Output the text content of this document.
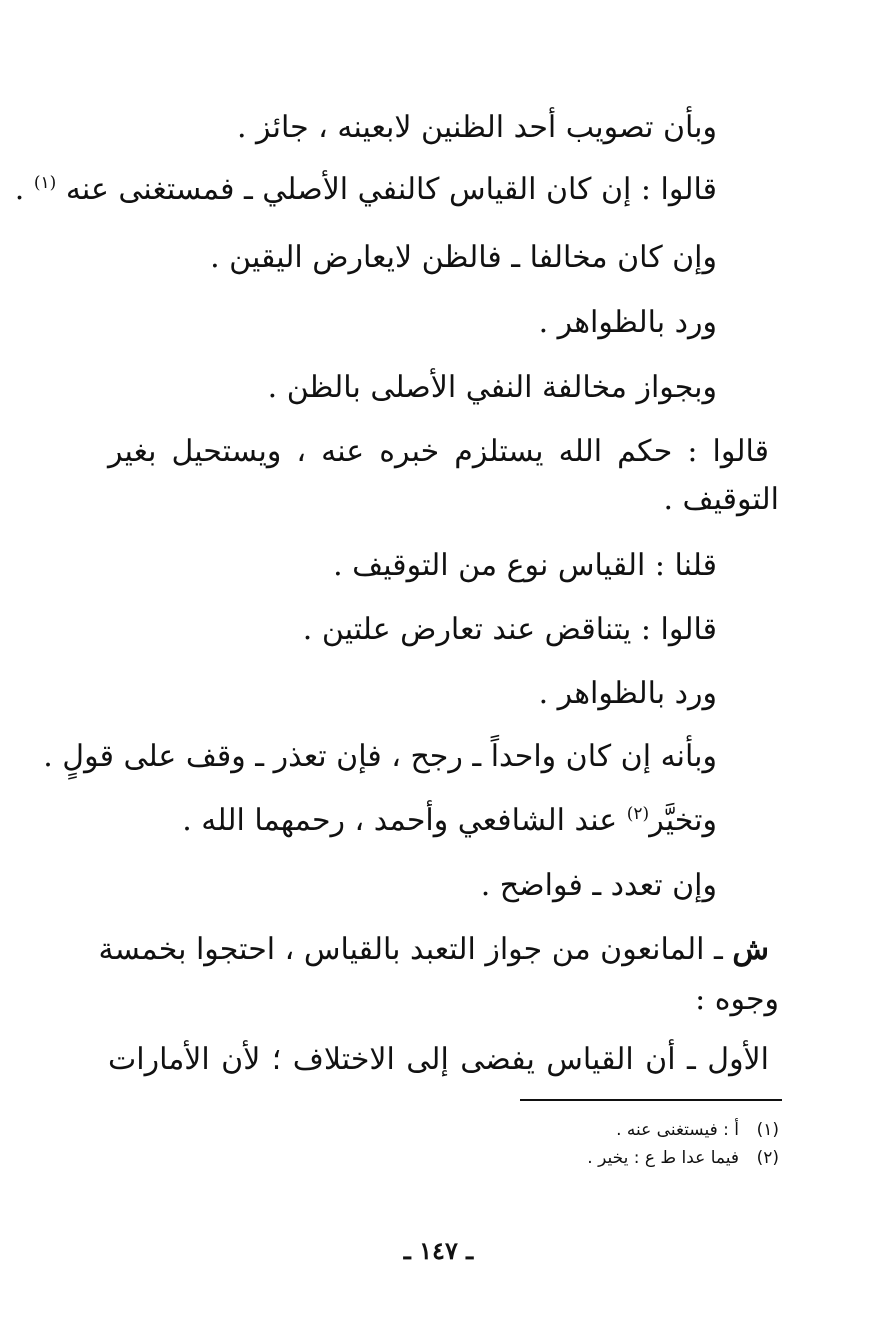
وبأن تصويب أحد الظنين لابعينه ، جائز .
قالوا : إن كان القياس كالنفي الأصلي ـ فمستغنى عنه $^{(١)}$ .
وإن كان مخالفا ـ فالظن لايعارض اليقين .
ورد بالظواهر .
وبجواز مخالفة النفي الأصلى بالظن .
قالوا : حكم الله يستلزم خبره عنه ، ويستحيل بغير
التوقيف .
قلنا : القياس نوع من التوقيف .
قالوا : يتناقض عند تعارض علتين .
ورد بالظواهر .
وبأنه إن كان واحداً ـ رجح ، فإن تعذر ـ وقف على قولٍ .
وتخيَّر$^{(٢)}$ عند الشافعي وأحمد ، رحمهما الله .
وإن تعدد ـ فواضح .
ش ـ المانعون من جواز التعبد بالقياس ، احتجوا بخمسة
وجوه :
الأول ـ أن القياس يفضى إلى الاختلاف ؛ لأن الأمارات
(١)أ : فيستغنى عنه .
(٢)فيما عدا ط ع : يخير .
ـ ١٤٧ ـ
